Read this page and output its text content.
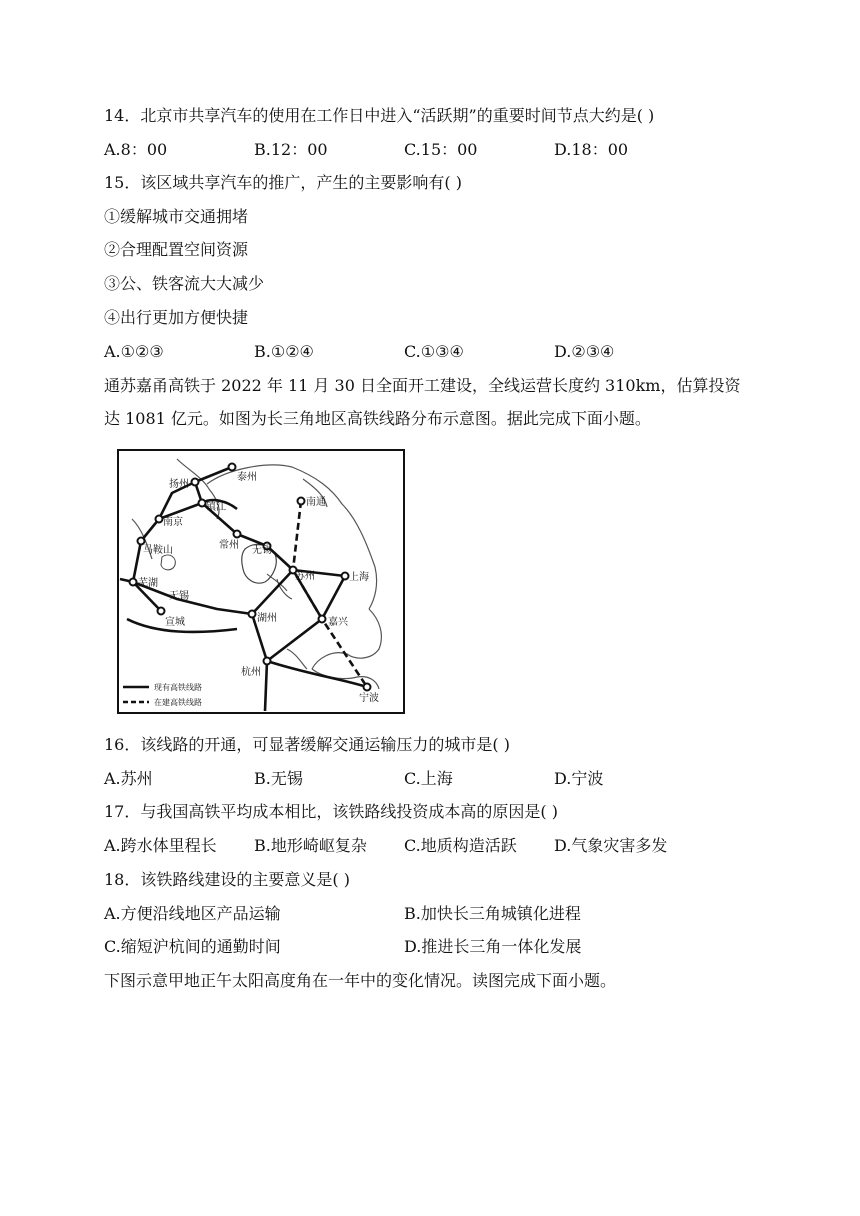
14．北京市共享汽车的使用在工作日中进入“活跃期”的重要时间节点大约是( )
A.8：00	B.12：00	C.15：00	D.18：00
15．该区域共享汽车的推广，产生的主要影响有( )
①缓解城市交通拥堵
②合理配置空间资源
③公、铁客流大大减少
④出行更加方便快捷
A.①②③	B.①②④	C.①③④	D.②③④
通苏嘉甬高铁于 2022 年 11 月 30 日全面开工建设，全线运营长度约 310km，估算投资
达 1081 亿元。如图为长三角地区高铁线路分布示意图。据此完成下面小题。
泰州
扬州
镇江	南通
南京
常州 无锡
马鞍山
苏州	上海
芜湖
无锡
宣城	湖州	嘉兴
杭州
宁波
现有高铁线路
在建高铁线路
16．该线路的开通，可显著缓解交通运输压力的城市是( )
A.苏州	B.无锡	C.上海	D.宁波
17．与我国高铁平均成本相比，该铁路线投资成本高的原因是( )
A.跨水体里程长 B.地形崎岖复杂 C.地质构造活跃 D.气象灾害多发
18．该铁路线建设的主要意义是( )
A.方便沿线地区产品运输	B.加快长三角城镇化进程
C.缩短沪杭间的通勤时间	D.推进长三角一体化发展
下图示意甲地正午太阳高度角在一年中的变化情况。读图完成下面小题。
